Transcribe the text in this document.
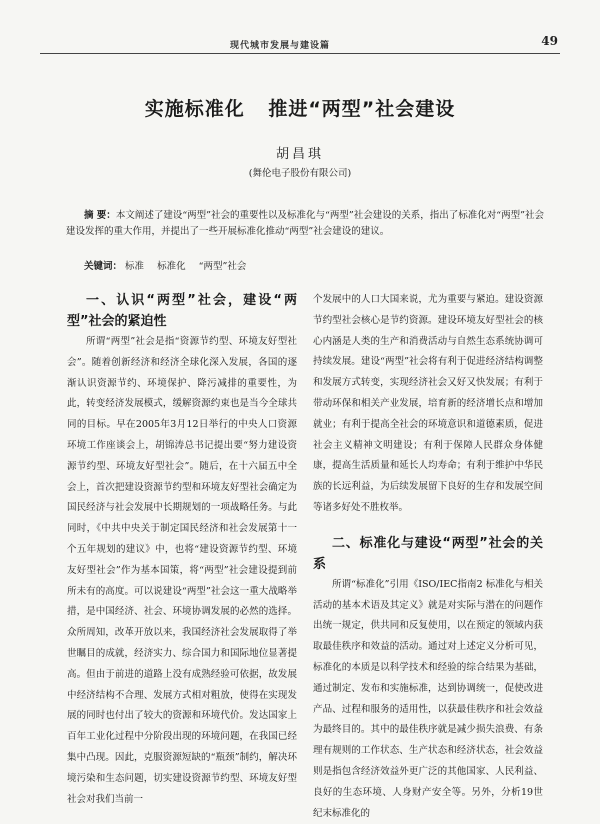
现代城市发展与建设篇	49
实施标准化 推进“两型”社会建设
胡昌琪
(舞伦电子股份有限公司)
摘 要：本文阐述了建设“两型”社会的重要性以及标准化与“两型”社会建设的关系，指出了标准化对“两型”社会建设发挥的重大作用，并提出了一些开展标准化推动“两型”社会建设的建议。
关键词： 标准 标准化 “两型”社会

一、认识“两型”社会，建设“两型”社会的紧迫性

所谓“两型”社会是指“资源节约型、环境友好型社会”。随着创新经济和经济全球化深入发展，各国的逐渐认识资源节约、环境保护、降污减排的重要性，为此，转变经济发展模式，缓解资源约束也是当今全球共同的目标。早在2005年3月12日举行的中央人口资源环境工作座谈会上，胡锦涛总书记提出要“努力建设资源节约型、环境友好型社会”。随后，在十六届五中全会上，首次把建设资源节约型和环境友好型社会确定为国民经济与社会发展中长期规划的一项战略任务。与此同时，《中共中央关于制定国民经济和社会发展第十一个五年规划的建议》中，也将“建设资源节约型、环境友好型社会”作为基本国策，将“两型”社会建设提到前所未有的高度。可以说建设“两型”社会这一重大战略举措，是中国经济、社会、环境协调发展的必然的选择。众所周知，改革开放以来，我国经济社会发展取得了举世瞩目的成就，经济实力、综合国力和国际地位显著提高。但由于前进的道路上没有成熟经验可依据，故发展中经济结构不合理、发展方式相对粗放，使得在实现发展的同时也付出了较大的资源和环境代价。发达国家上百年工业化过程中分阶段出现的环境问题，在我国已经集中凸现。因此，克服资源短缺的“瓶颈”制约，解决环境污染和生态问题，切实建设资源节约型、环境友好型社会对我们当前一

个发展中的人口大国来说，尤为重要与紧迫。建设资源节约型社会核心是节约资源。建设环境友好型社会的核心内涵是人类的生产和消费活动与自然生态系统协调可持续发展。建设“两型”社会将有利于促进经济结构调整和发展方式转变，实现经济社会又好又快发展；有利于带动环保和相关产业发展，培育新的经济增长点和增加就业；有利于提高全社会的环境意识和道德素质，促进社会主义精神文明建设；有利于保障人民群众身体健康，提高生活质量和延长人均寿命；有利于维护中华民族的长远利益，为后续发展留下良好的生存和发展空间等诸多好处不胜枚举。

二、标准化与建设“两型”社会的关系

所谓“标准化”引用《ISO/IEC指南2 标准化与相关活动的基本术语及其定义》就是对实际与潜在的问题作出统一规定，供共同和反复使用，以在预定的领域内获取最佳秩序和效益的活动。通过对上述定义分析可见，标准化的本质是以科学技术和经验的综合结果为基础，通过制定、发布和实施标准，达到协调统一，促使改进产品、过程和服务的适用性，以获最佳秩序和社会效益为最终目的。其中的最佳秩序就是减少损失浪费、有条理有规则的工作状态、生产状态和经济状态，社会效益则是指包含经济效益外更广泛的其他国家、人民利益、良好的生态环境、人身财产安全等。另外，分析19世纪末标准化的
